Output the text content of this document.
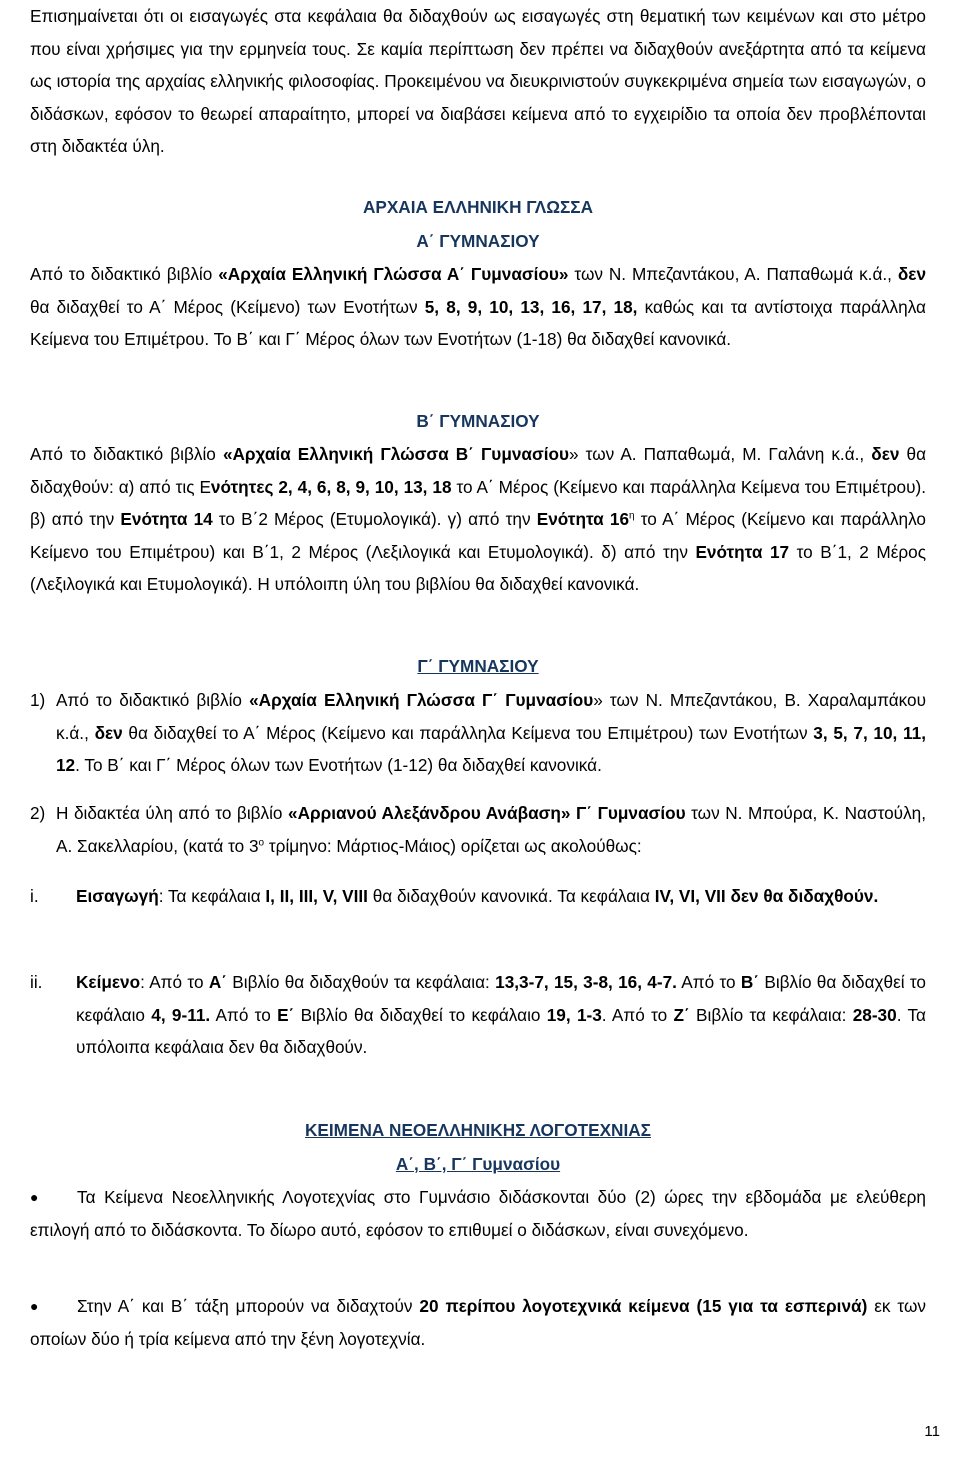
Επισημαίνεται ότι οι εισαγωγές στα κεφάλαια θα διδαχθούν ως εισαγωγές στη θεματική των κειμένων και στο μέτρο που είναι χρήσιμες για την ερμηνεία τους. Σε καμία περίπτωση δεν πρέπει να διδαχθούν ανεξάρτητα από τα κείμενα ως ιστορία της αρχαίας ελληνικής φιλοσοφίας. Προκειμένου να διευκρινιστούν συγκεκριμένα σημεία των εισαγωγών, ο διδάσκων, εφόσον το θεωρεί απαραίτητο, μπορεί να διαβάσει κείμενα από το εγχειρίδιο τα οποία δεν προβλέπονται στη διδακτέα ύλη.

ΑΡΧΑΙΑ ΕΛΛΗΝΙΚΗ ΓΛΩΣΣΑ

Α΄ ΓΥΜΝΑΣΙΟΥ

Από το διδακτικό βιβλίο «Αρχαία Ελληνική Γλώσσα Α΄ Γυμνασίου» των Ν. Μπεζαντάκου, Α. Παπαθωμά κ.ά., δεν θα διδαχθεί το Α΄ Μέρος (Κείμενο) των Ενοτήτων 5, 8, 9, 10, 13, 16, 17, 18, καθώς και τα αντίστοιχα παράλληλα Κείμενα του Επιμέτρου. Το Β΄ και Γ΄ Μέρος όλων των Ενοτήτων (1-18) θα διδαχθεί κανονικά.

Β΄ ΓΥΜΝΑΣΙΟΥ

Από το διδακτικό βιβλίο «Αρχαία Ελληνική Γλώσσα Β΄ Γυμνασίου» των Α. Παπαθωμά, Μ. Γαλάνη κ.ά., δεν θα διδαχθούν: α) από τις Ενότητες 2, 4, 6, 8, 9, 10, 13, 18 το Α΄ Μέρος (Κείμενο και παράλληλα Κείμενα του Επιμέτρου). β) από την Ενότητα 14 το Β΄2 Μέρος (Ετυμολογικά). γ) από την Ενότητα $16^\eta$ το Α΄ Μέρος (Κείμενο και παράλληλο Κείμενο του Επιμέτρου) και Β΄1, 2 Μέρος (Λεξιλογικά και Ετυμολογικά). δ) από την Ενότητα 17 το Β΄1, 2 Μέρος (Λεξιλογικά και Ετυμολογικά). Η υπόλοιπη ύλη του βιβλίου θα διδαχθεί κανονικά.

Γ΄ ΓΥΜΝΑΣΙΟΥ

1) Από το διδακτικό βιβλίο «Αρχαία Ελληνική Γλώσσα Γ΄ Γυμνασίου» των Ν. Μπεζαντάκου, Β. Χαραλαμπάκου κ.ά., δεν θα διδαχθεί το Α΄ Μέρος (Κείμενο και παράλληλα Κείμενα του Επιμέτρου) των Ενοτήτων 3, 5, 7, 10, 11, 12. Το Β΄ και Γ΄ Μέρος όλων των Ενοτήτων (1-12) θα διδαχθεί κανονικά.

2) Η διδακτέα ύλη από το βιβλίο «Αρριανού Αλεξάνδρου Ανάβαση» Γ΄ Γυμνασίου των Ν. Μπούρα, Κ. Ναστούλη, Α. Σακελλαρίου, (κατά το $3^o$ τρίμηνο: Μάρτιος-Μάιος) ορίζεται ως ακολούθως:

i. Εισαγωγή: Τα κεφάλαια I, II, III, V, VIII θα διδαχθούν κανονικά. Τα κεφάλαια IV, VI, VII δεν θα διδαχθούν.

ii. Κείμενο: Από το Α΄ Βιβλίο θα διδαχθούν τα κεφάλαια: 13,3-7, 15, 3-8, 16, 4-7. Από το Β΄ Βιβλίο θα διδαχθεί το κεφάλαιο 4, 9-11. Από το Ε΄ Βιβλίο θα διδαχθεί το κεφάλαιο 19, 1-3. Από το Ζ΄ Βιβλίο τα κεφάλαια: 28-30. Τα υπόλοιπα κεφάλαια δεν θα διδαχθούν.

ΚΕΙΜΕΝΑ ΝΕΟΕΛΛΗΝΙΚΗΣ ΛΟΓΟΤΕΧΝΙΑΣ

Α΄, Β΄, Γ΄ Γυμνασίου

●	Τα Κείμενα Νεοελληνικής Λογοτεχνίας στο Γυμνάσιο διδάσκονται δύο (2) ώρες την εβδομάδα με ελεύθερη επιλογή από το διδάσκοντα. Το δίωρο αυτό, εφόσον το επιθυμεί ο διδάσκων, είναι συνεχόμενο.

●	Στην Α΄ και Β΄ τάξη μπορούν να διδαχτούν 20 περίπου λογοτεχνικά κείμενα (15 για τα εσπερινά) εκ των οποίων δύο ή τρία κείμενα από την ξένη λογοτεχνία.

11
